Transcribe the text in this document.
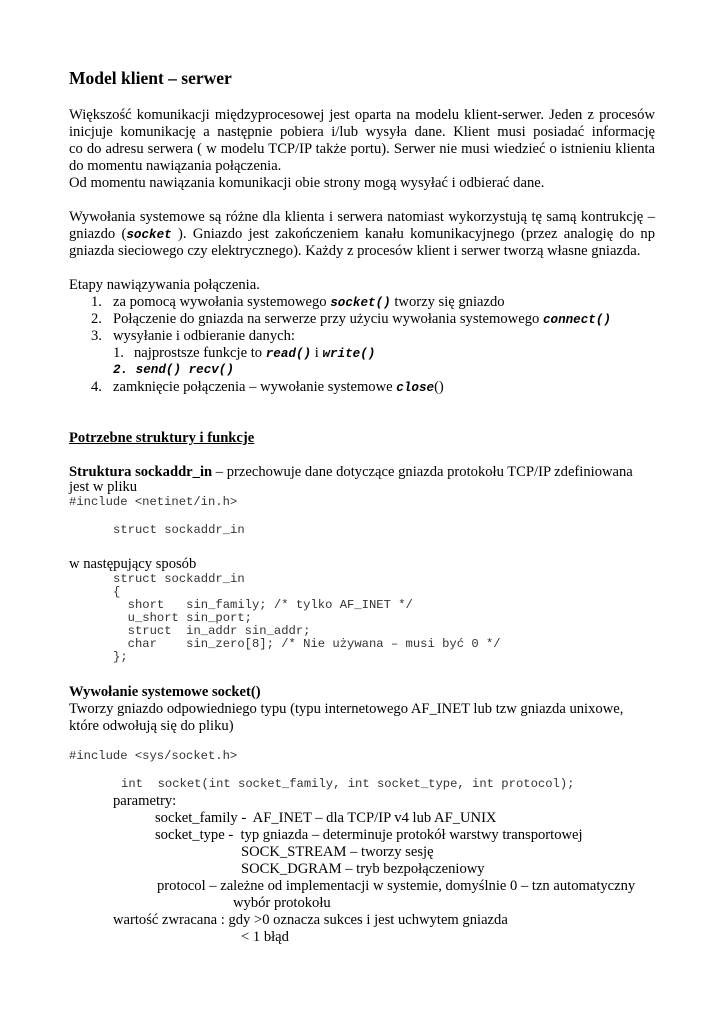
Model klient – serwer
Większość komunikacji międzyprocesowej jest oparta na modelu klient-serwer. Jeden z procesów
inicjuje komunikację a następnie pobiera i/lub wysyła dane. Klient musi posiadać informację
co do adresu serwera ( w modelu TCP/IP także portu). Serwer nie musi wiedzieć o istnieniu klienta
do momentu nawiązania połączenia.
Od momentu nawiązania komunikacji obie strony mogą wysyłać i odbierać dane.
Wywołania systemowe są różne dla klienta i serwera natomiast wykorzystują tę samą kontrukcję –
gniazdo (socket ). Gniazdo jest zakończeniem kanału komunikacyjnego (przez analogię do np
gniazda sieciowego czy elektrycznego). Każdy z procesów klient i serwer tworzą własne gniazda.
Etapy nawiązywania połączenia.
1. za pomocą wywołania systemowego socket() tworzy się gniazdo
2. Połączenie do gniazda na serwerze przy użyciu wywołania systemowego connect()
3. wysyłanie i odbieranie danych:
1. najprostsze funkcje to read() i write()
2. send() recv()
4. zamknięcie połączenia – wywołanie systemowe close()
Potrzebne struktury i funkcje
Struktura sockaddr_in – przechowuje dane dotyczące gniazda protokołu TCP/IP zdefiniowana
jest w pliku
#include <netinet/in.h>
struct sockaddr_in
w następujący sposób
struct sockaddr_in
{
short   sin_family; /* tylko AF_INET */
u_short sin_port;
struct  in_addr sin_addr;
char    sin_zero[8]; /* Nie używana – musi być 0 */
};
Wywołanie systemowe socket()
Tworzy gniazdo odpowiedniego typu (typu internetowego AF_INET lub tzw gniazda unixowe,
które odwołują się do pliku)
#include <sys/socket.h>
int  socket(int socket_family, int socket_type, int protocol);
parametry:
socket_family -  AF_INET – dla TCP/IP v4 lub AF_UNIX
socket_type -  typ gniazda – determinuje protokół warstwy transportowej
SOCK_STREAM – tworzy sesję
SOCK_DGRAM – tryb bezpołączeniowy
protocol – zależne od implementacji w systemie, domyślnie 0 – tzn automatyczny
wybór protokołu
wartość zwracana : gdy >0 oznacza sukces i jest uchwytem gniazda
< 1 błąd
